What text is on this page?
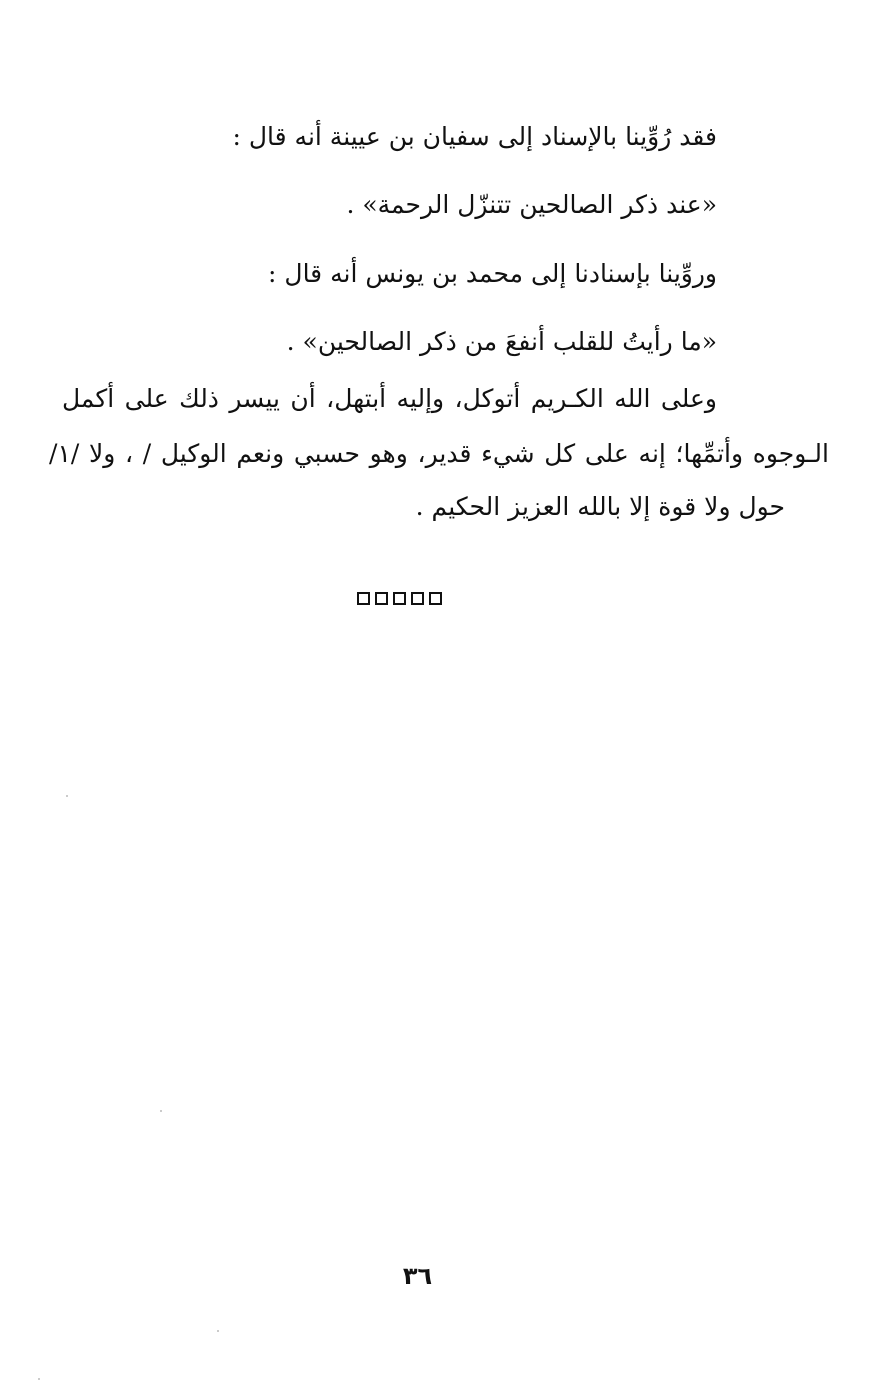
فقد رُوِّينا بالإسناد إلى سفيان بن عيينة أنه قال :
«عند ذكر الصالحين تتنزّل الرحمة» .
وروِّينا بإسنادنا إلى محمد بن يونس أنه قال :
«ما رأيتُ للقلب أنفعَ من ذكر الصالحين» .
وعلى الله الكـريم أتوكل، وإليه أبتهل، أن ييسر ذلك على أكمل
الـوجوه وأتمِّها؛ إنه على كل شيء قدير، وهو حسبي ونعم الوكيل / ، ولا /١/
حول ولا قوة إلا بالله العزيز الحكيم .
٣٦
